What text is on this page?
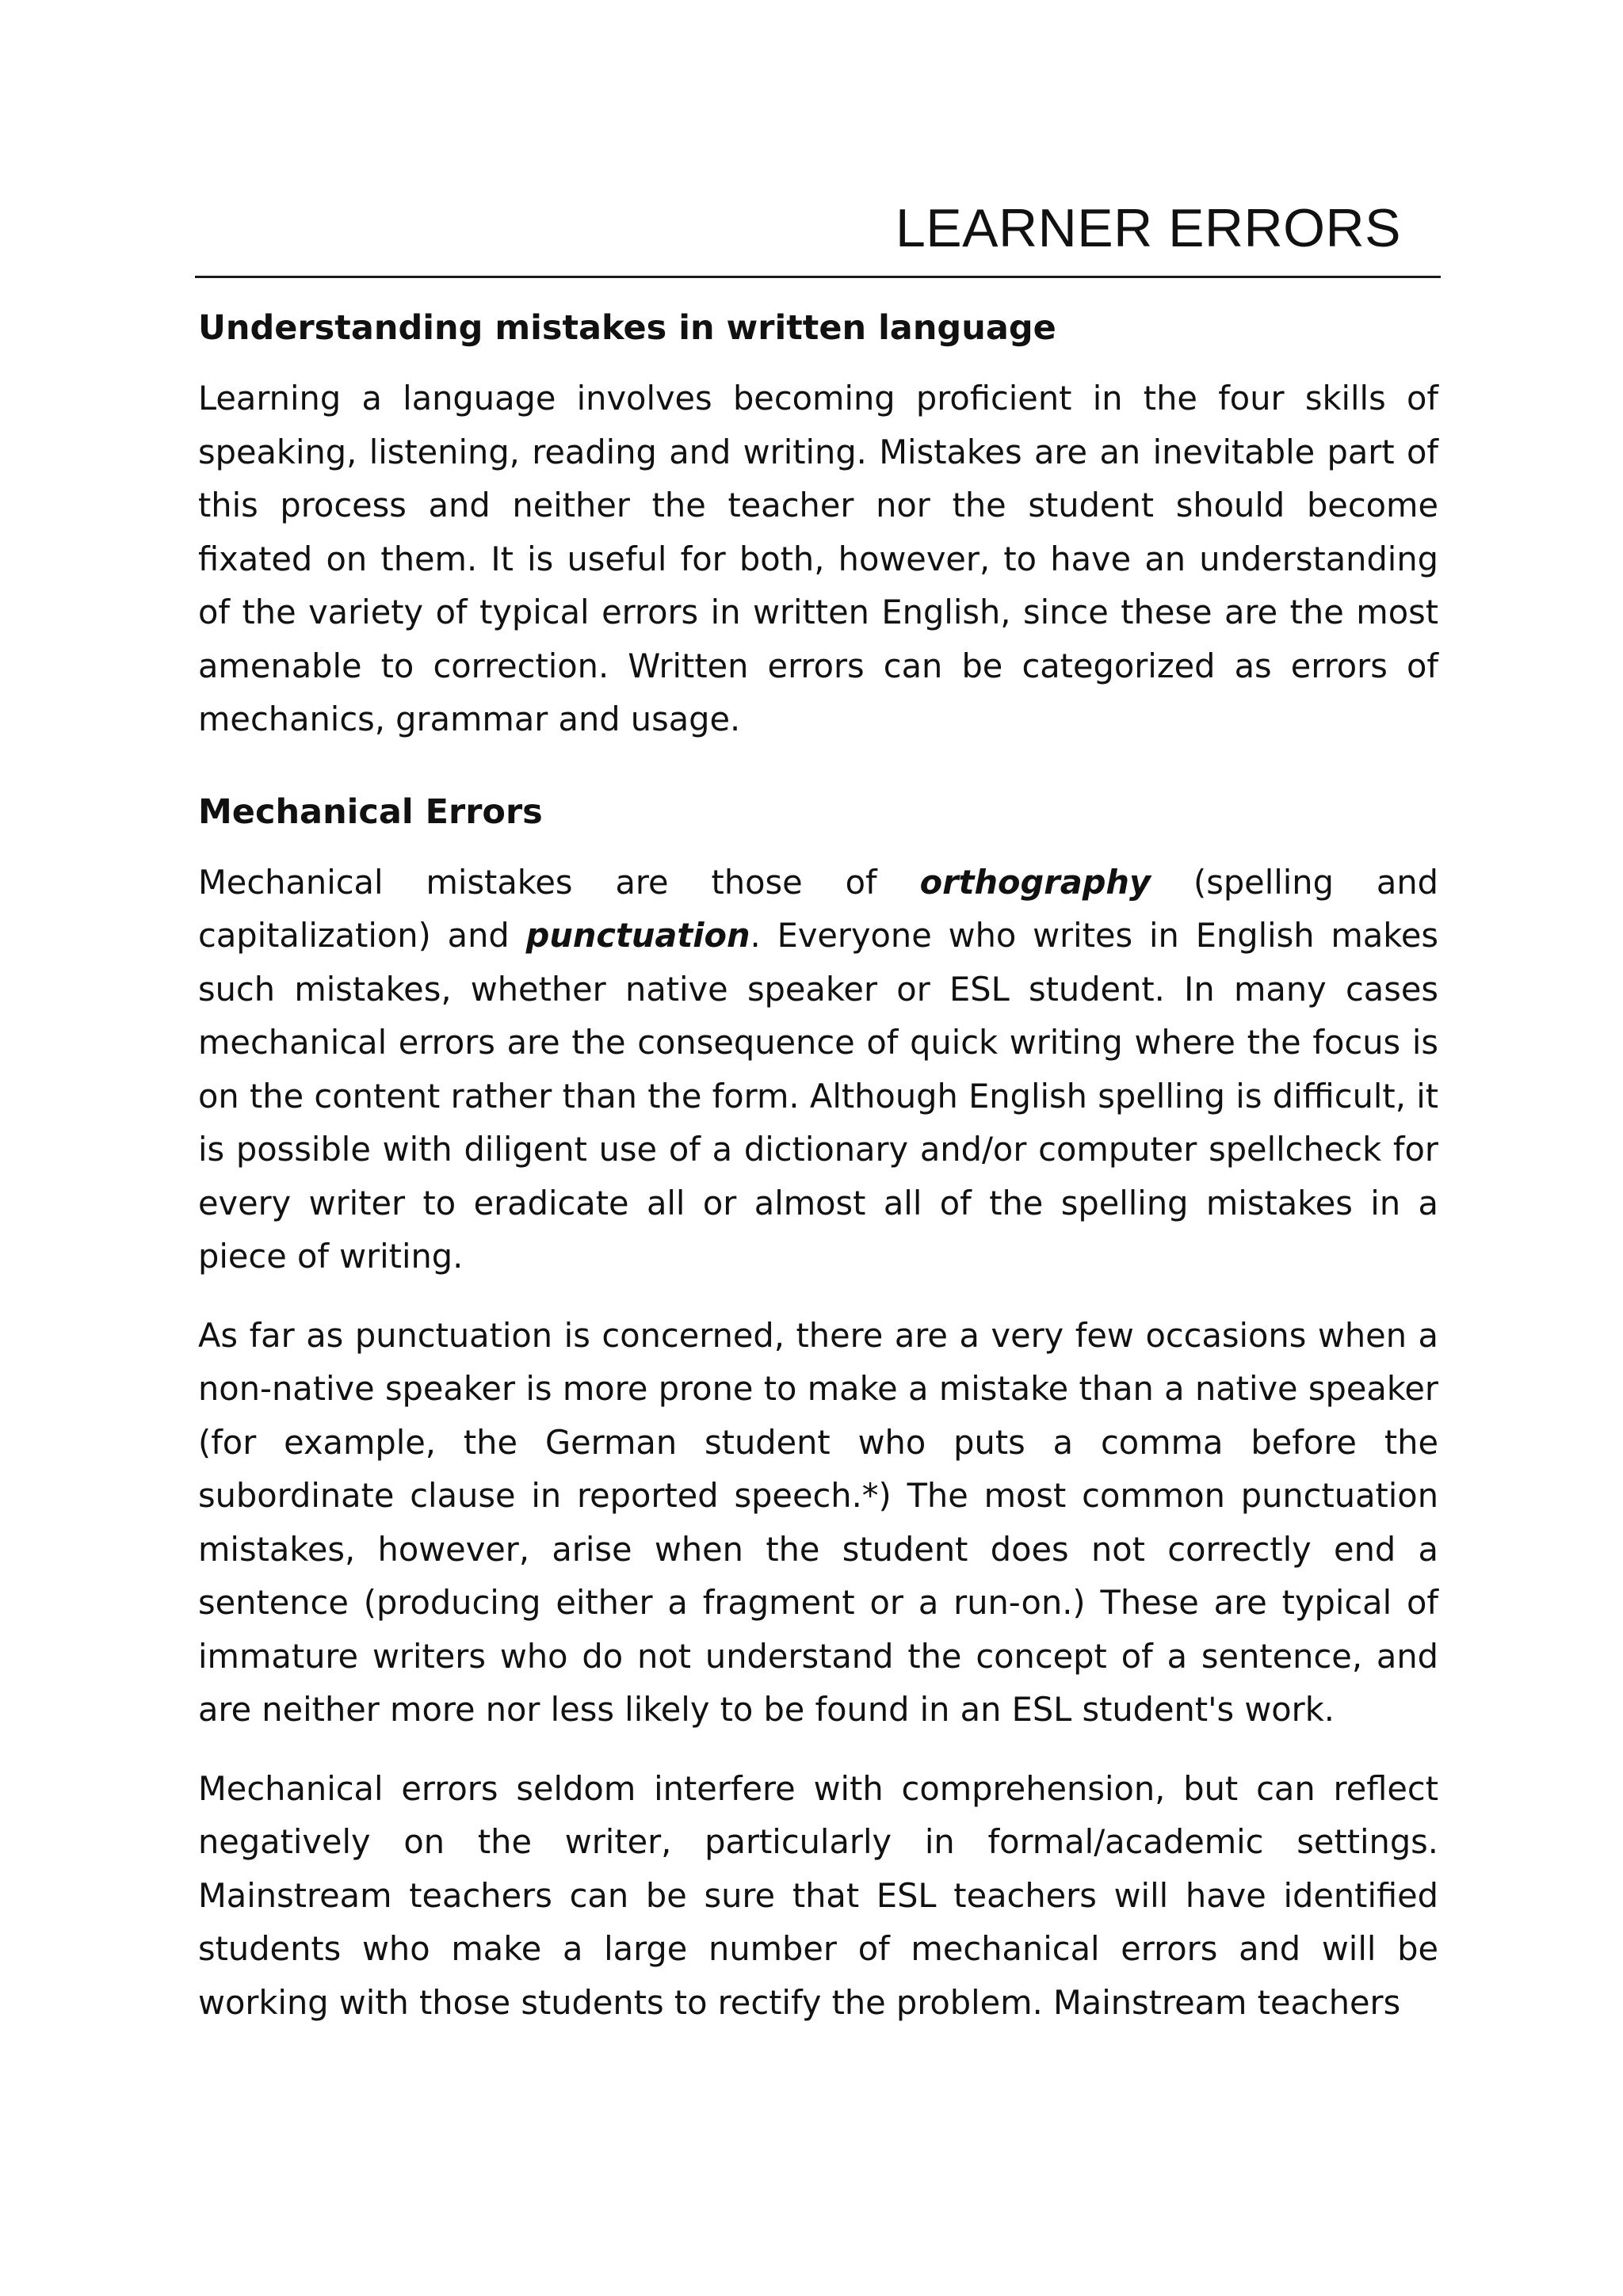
LEARNER ERRORS
Understanding mistakes in written language

Learning a language involves becoming proficient in the four skills of speaking, listening, reading and writing. Mistakes are an inevitable part of this process and neither the teacher nor the student should become fixated on them. It is useful for both, however, to have an understanding of the variety of typical errors in written English, since these are the most amenable to correction. Written errors can be categorized as errors of mechanics, grammar and usage.

Mechanical Errors

Mechanical mistakes are those of orthography (spelling and capitalization) and punctuation. Everyone who writes in English makes such mistakes, whether native speaker or ESL student. In many cases mechanical errors are the consequence of quick writing where the focus is on the content rather than the form. Although English spelling is difficult, it is possible with diligent use of a dictionary and/or computer spellcheck for every writer to eradicate all or almost all of the spelling mistakes in a piece of writing.

As far as punctuation is concerned, there are a very few occasions when a non-native speaker is more prone to make a mistake than a native speaker (for example, the German student who puts a comma before the subordinate clause in reported speech.*) The most common punctuation mistakes, however, arise when the student does not correctly end a sentence (producing either a fragment or a run-on.) These are typical of immature writers who do not understand the concept of a sentence, and are neither more nor less likely to be found in an ESL student's work.

Mechanical errors seldom interfere with comprehension, but can reflect negatively on the writer, particularly in formal/academic settings. Mainstream teachers can be sure that ESL teachers will have identified students who make a large number of mechanical errors and will be working with those students to rectify the problem. Mainstream teachers
